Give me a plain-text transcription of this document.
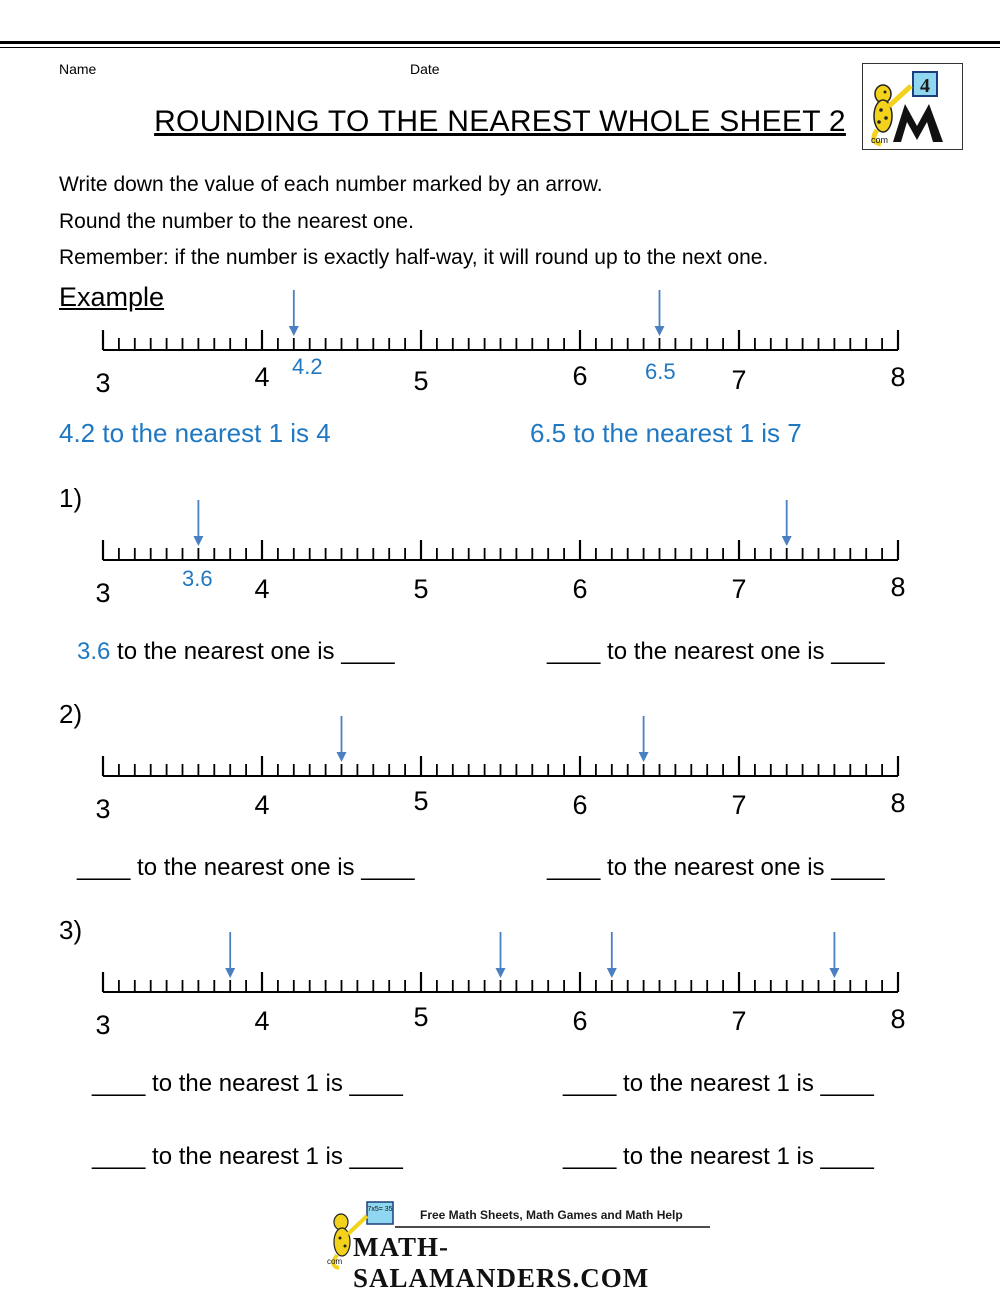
Name	Date
ROUNDING TO THE NEAREST WHOLE SHEET 2
4
com
Write down the value of each number marked by an arrow.
Round the number to the nearest one.
Remember: if the number is exactly half-way, it will round up to the next one.
Example
3	4	5	6	7	8
4.2	6.5
4.2 to the nearest 1 is 4	6.5 to the nearest 1 is 7
1)
3	4	5	6	7	8
3.6
3.6 to the nearest one is ____	____ to the nearest one is ____
2)
3	4	5	6	7	8
____ to the nearest one is ____	____ to the nearest one is ____
3)
3	4	5	6	7	8
____ to the nearest 1 is ____	____ to the nearest 1 is ____
____ to the nearest 1 is ____	____ to the nearest 1 is ____
7x5= 35
com
Free Math Sheets, Math Games and Math Help
MATH-SALAMANDERS.COM
